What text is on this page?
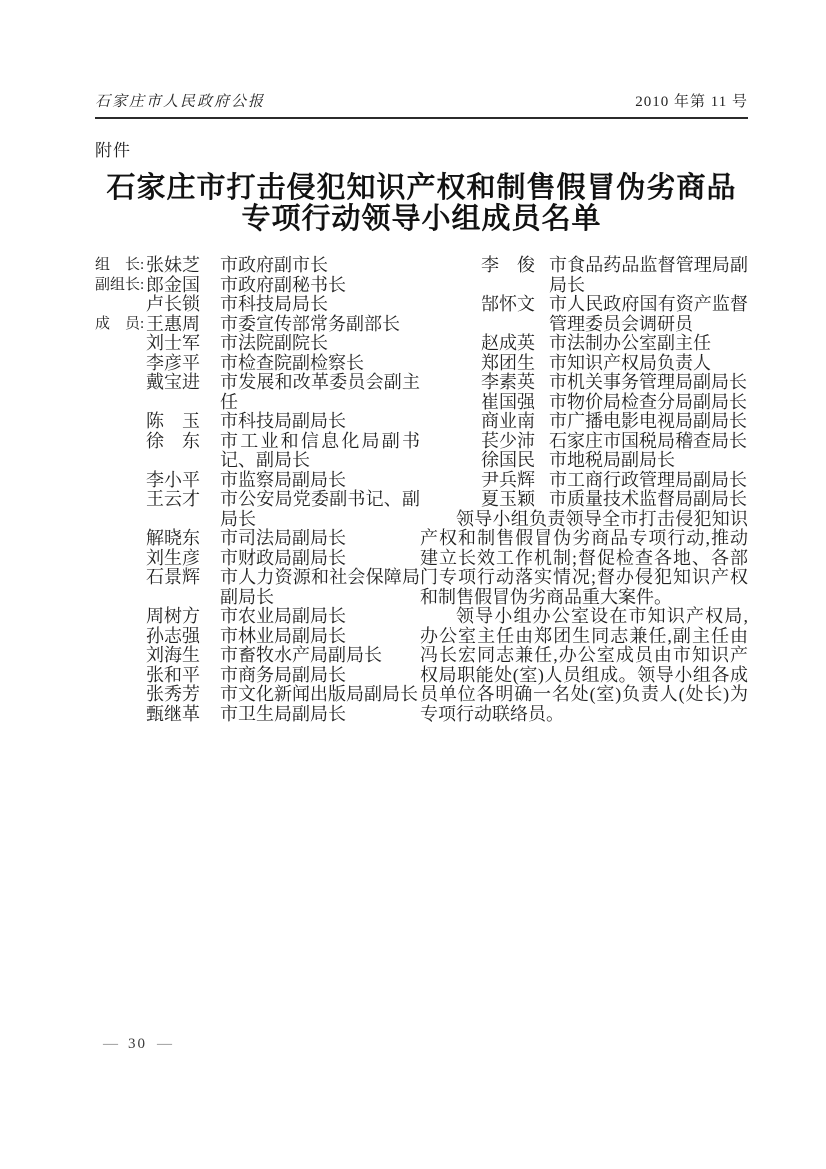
石家庄市人民政府公报	2010 年第 11 号
附件
石家庄市打击侵犯知识产权和制售假冒伪劣商品
专项行动领导小组成员名单
组　长: 张妹芝	市政府副市长
副组长: 郎金国	市政府副秘书长
卢长锁	市科技局局长
成　员: 王惠周	市委宣传部常务副部长
刘士军	市法院副院长
李彦平	市检查院副检察长
戴宝进	市发展和改革委员会副主任
陈　玉	市科技局副局长
徐　东	市工业和信息化局副书记、副局长
李小平	市监察局副局长
王云才	市公安局党委副书记、副局长
解晓东	市司法局副局长
刘生彦	市财政局副局长
石景辉	市人力资源和社会保障局副局长
周树方	市农业局副局长
孙志强	市林业局副局长
刘海生	市畜牧水产局副局长
张和平	市商务局副局长
张秀芳	市文化新闻出版局副局长
甄继革	市卫生局副局长
李　俊 市食品药品监督管理局副局长
郜怀文 市人民政府国有资产监督管理委员会调研员
赵成英 市法制办公室副主任
郑团生 市知识产权局负责人
李素英 市机关事务管理局副局长
崔国强 市物价局检查分局副局长
商业南 市广播电影电视局副局长
苌少沛 石家庄市国税局稽查局长
徐国民 市地税局副局长
尹兵辉 市工商行政管理局副局长
夏玉颖 市质量技术监督局副局长

领导小组负责领导全市打击侵犯知识产权和制售假冒伪劣商品专项行动,推动建立长效工作机制;督促检查各地、各部门专项行动落实情况;督办侵犯知识产权和制售假冒伪劣商品重大案件。

领导小组办公室设在市知识产权局,办公室主任由郑团生同志兼任,副主任由冯长宏同志兼任,办公室成员由市知识产权局职能处(室)人员组成。领导小组各成员单位各明确一名处(室)负责人(处长)为专项行动联络员。

— 30 —
